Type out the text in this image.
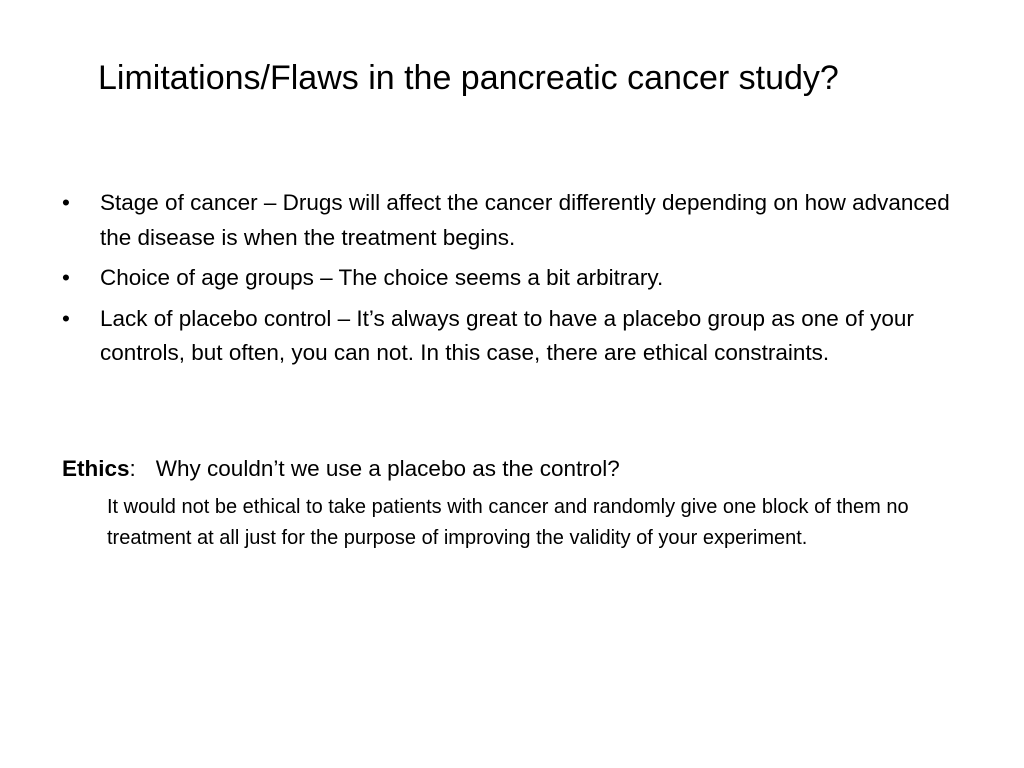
Limitations/Flaws in the pancreatic cancer study?
•	Stage of cancer – Drugs will affect the cancer differently depending on how advanced the disease is when the treatment begins.
•	Choice of age groups – The choice seems a bit arbitrary.
•	Lack of placebo control – It’s always great to have a placebo group as one of your controls, but often, you can not. In this case, there are ethical constraints.

Ethics: Why couldn’t we use a placebo as the control?

It would not be ethical to take patients with cancer and randomly give one block of them no treatment at all just for the purpose of improving the validity of your experiment.
